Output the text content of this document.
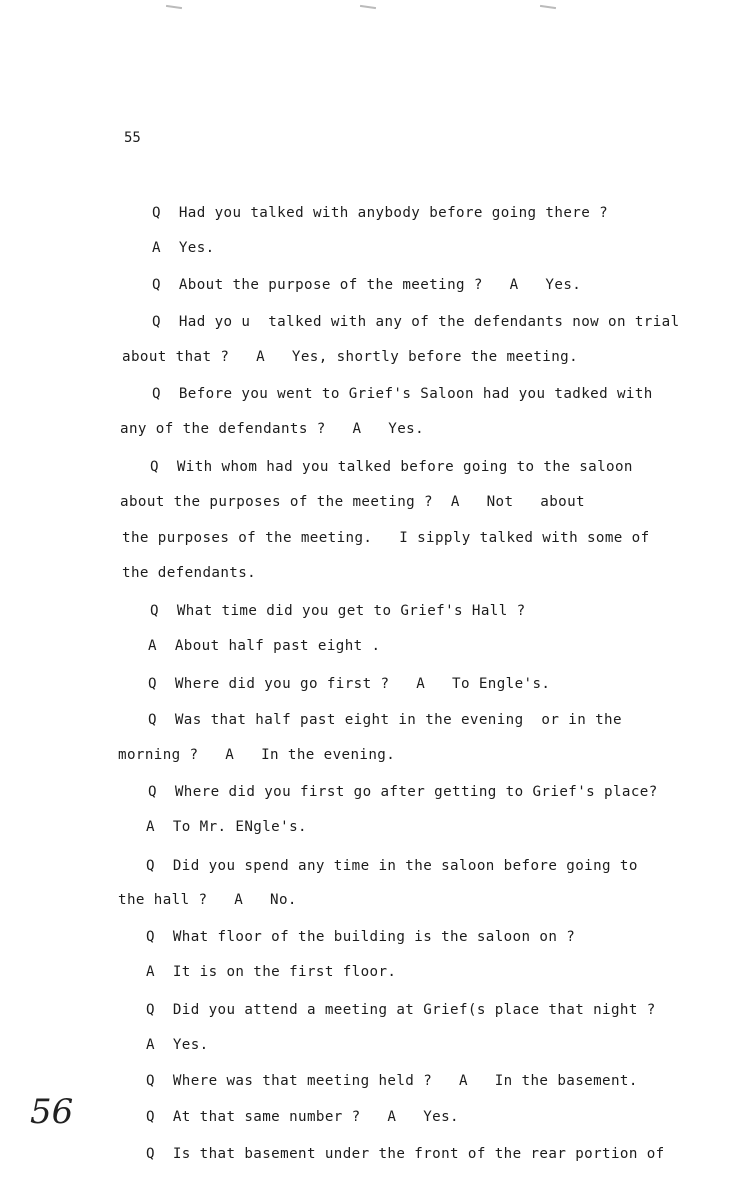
55
Q  Had you talked with anybody before going there ?
A  Yes.
Q  About the purpose of the meeting ?   A   Yes.
Q  Had yo u  talked with any of the defendants now on trial
about that ?   A   Yes, shortly before the meeting.
Q  Before you went to Grief's Saloon had you tadked with
any of the defendants ?   A   Yes.
Q  With whom had you talked before going to the saloon
about the purposes of the meeting ?  A   Not   about
the purposes of the meeting.   I sipply talked with some of
the defendants.
Q  What time did you get to Grief's Hall ?
A  About half past eight .
Q  Where did you go first ?   A   To Engle's.
Q  Was that half past eight in the evening  or in the
morning ?   A   In the evening.
Q  Where did you first go after getting to Grief's place?
A  To Mr. ENgle's.
Q  Did you spend any time in the saloon before going to
the hall ?   A   No.
Q  What floor of the building is the saloon on ?
A  It is on the first floor.
Q  Did you attend a meeting at Grief(s place that night ?
A  Yes.
Q  Where was that meeting held ?   A   In the basement.
Q  At that same number ?   A   Yes.
Q  Is that basement under the front of the rear portion of
56
